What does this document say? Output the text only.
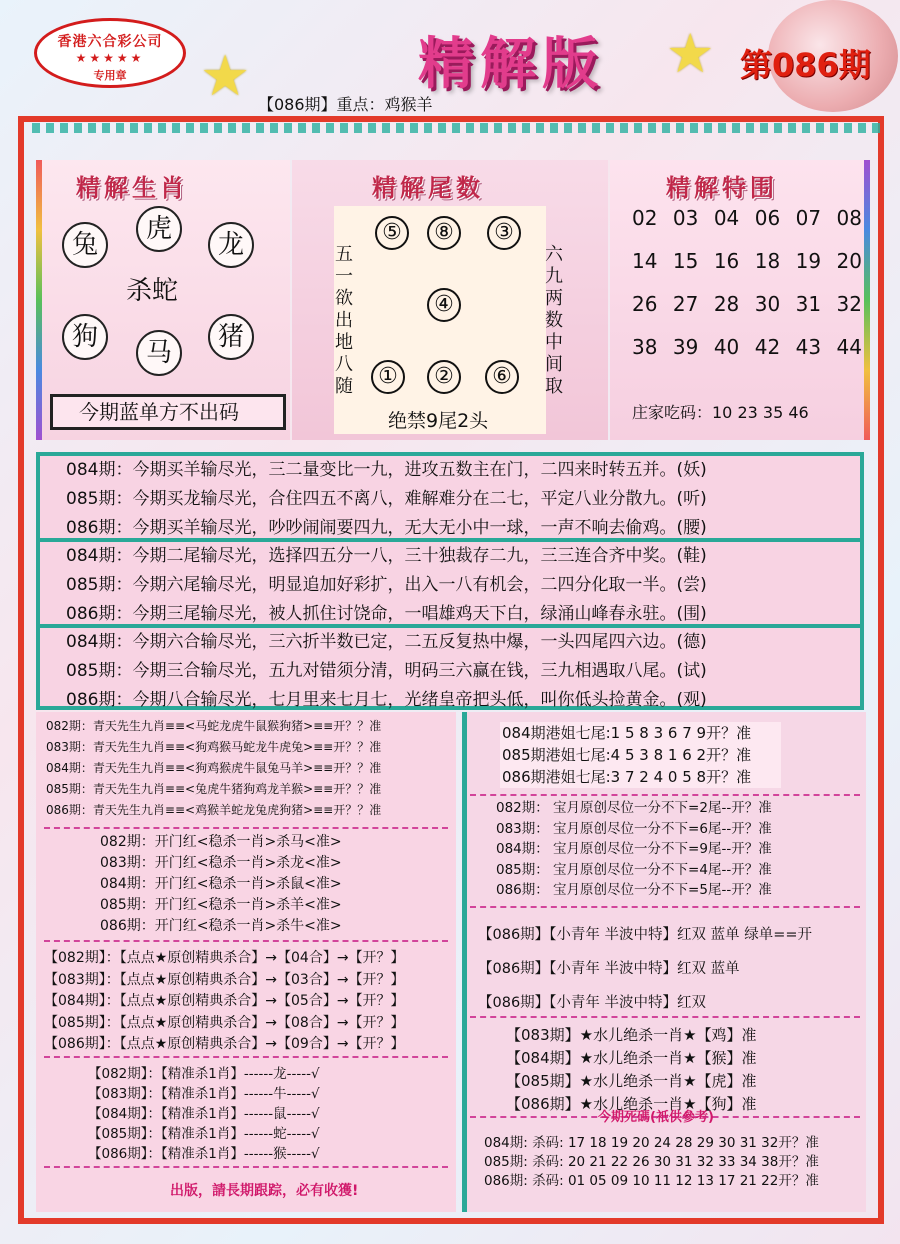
香港六合彩公司
★★★★★
专用章	★	精解版 ★ 第086期
【086期】重点：鸡猴羊
精解生肖
兔
虎
龙
狗
马
猪
杀蛇
今期蓝单方不出码
精解尾数
⑤	⑧	③
④
①	②	⑥
五一欲出地八随
六九两数中间取
绝禁9尾2头
精解特围
02 03 04 06 07 08
14 15 16 18 19 20
26 27 28 30 31 32
38 39 40 42 43 44
庄家吃码：10 23 35 46
084期：今期买羊输尽光，三二量变比一九，进攻五数主在门，二四来时转五并。(妖)
085期：今期买龙输尽光，合住四五不离八，难解难分在二七，平定八业分散九。(听)
086期：今期买羊输尽光，吵吵闹闹要四九，无大无小中一球，一声不响去偷鸡。(腰)
084期：今期二尾输尽光，选择四五分一八，三十独裁存二九，三三连合齐中奖。(鞋)
085期：今期六尾输尽光，明显追加好彩扩，出入一八有机会，二四分化取一半。(尝)
086期：今期三尾输尽光，被人抓住讨饶命，一唱雄鸡天下白，绿涌山峰春永驻。(围)
084期：今期六合输尽光，三六折半数已定，二五反复热中爆，一头四尾四六边。(德)
085期：今期三合输尽光，五九对错须分清，明码三六赢在钱，三九相遇取八尾。(试)
086期：今期八合输尽光，七月里来七月七，光绪皇帝把头低，叫你低头捡黄金。(观)
082期：青天先生九肖≡≡<马蛇龙虎牛鼠猴狗猪>≡≡开？？准
083期：青天先生九肖≡≡<狗鸡猴马蛇龙牛虎兔>≡≡开？？准
084期：青天先生九肖≡≡<狗鸡猴虎牛鼠兔马羊>≡≡开？？准
085期：青天先生九肖≡≡<兔虎牛猪狗鸡龙羊猴>≡≡开？？准
086期：青天先生九肖≡≡<鸡猴羊蛇龙兔虎狗猪>≡≡开？？准
082期：开门红<稳杀一肖>杀马<准>
083期：开门红<稳杀一肖>杀龙<准>
084期：开门红<稳杀一肖>杀鼠<准>
085期：开门红<稳杀一肖>杀羊<准>
086期：开门红<稳杀一肖>杀牛<准>
【082期】：【点点★原创精典杀合】→【04合】→【开？】
【083期】：【点点★原创精典杀合】→【03合】→【开？】
【084期】：【点点★原创精典杀合】→【05合】→【开？】
【085期】：【点点★原创精典杀合】→【08合】→【开？】
【086期】：【点点★原创精典杀合】→【09合】→【开？】
【082期】：【精准杀1肖】------龙-----√
【083期】：【精准杀1肖】------牛-----√
【084期】：【精准杀1肖】------鼠-----√
【085期】：【精准杀1肖】------蛇-----√
【086期】：【精准杀1肖】------猴-----√
出版，請長期跟踪，必有收獲!
084期港姐七尾:1 5 8 3 6 7 9开？准
085期港姐七尾:4 5 3 8 1 6 2开？准
086期港姐七尾:3 7 2 4 0 5 8开？准
082期： 宝月原创尽位一分不下=2尾--开？准
083期： 宝月原创尽位一分不下=6尾--开？准
084期： 宝月原创尽位一分不下=9尾--开？准
085期： 宝月原创尽位一分不下=4尾--开？准
086期： 宝月原创尽位一分不下=5尾--开？准
【086期】【小青年 半波中特】红双 蓝单 绿单==开
【086期】【小青年 半波中特】红双 蓝单
【086期】【小青年 半波中特】红双
【083期】★水儿绝杀一肖★【鸡】准
【084期】★水儿绝杀一肖★【猴】准
【085期】★水儿绝杀一肖★【虎】准
【086期】★水儿绝杀一肖★【狗】准
今期死碼(衹供參考)
084期: 杀码: 17 18 19 20 24 28 29 30 31 32开？准
085期: 杀码: 20 21 22 26 30 31 32 33 34 38开？准
086期: 杀码: 01 05 09 10 11 12 13 17 21 22开？准
